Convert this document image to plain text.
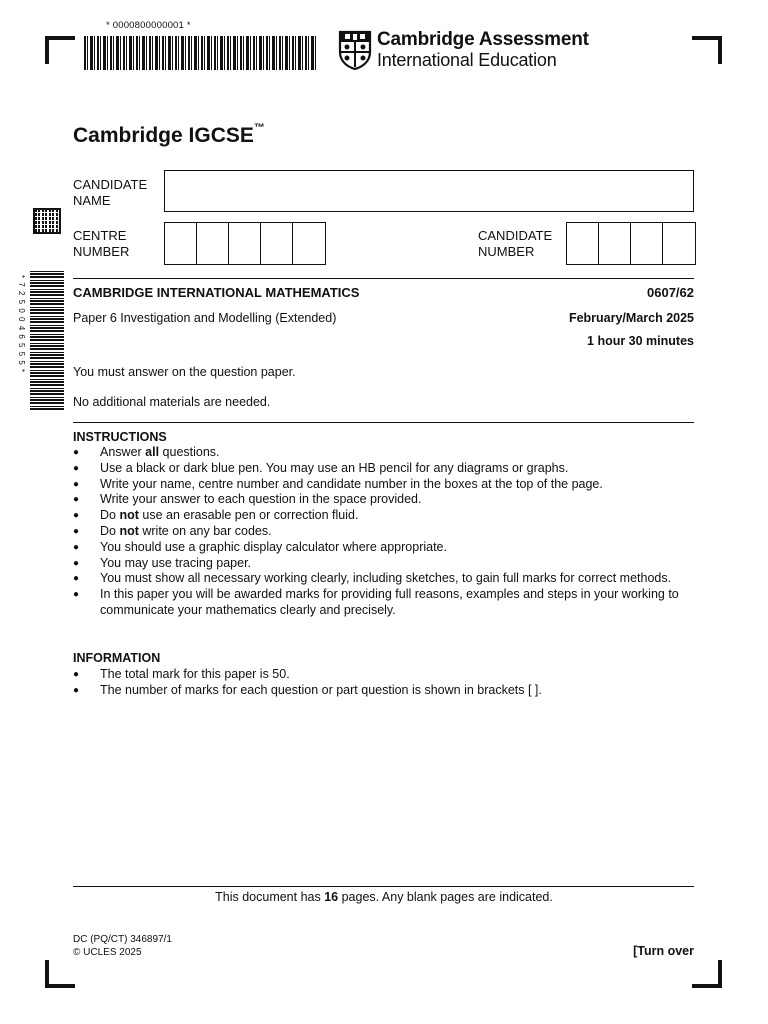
* 0000800000001 *
Cambridge Assessment
International Education
* 7 2 5 0 0 4 6 5 5 5 *
Cambridge IGCSE™
CANDIDATE
NAME
CENTRE
NUMBER
CANDIDATE
NUMBER
CAMBRIDGE INTERNATIONAL MATHEMATICS	0607/62
Paper 6 Investigation and Modelling (Extended)	February/March 2025
1 hour 30 minutes
You must answer on the question paper.
No additional materials are needed.
INSTRUCTIONS
● Answer all questions.
● Use a black or dark blue pen. You may use an HB pencil for any diagrams or graphs.
● Write your name, centre number and candidate number in the boxes at the top of the page.
● Write your answer to each question in the space provided.
● Do not use an erasable pen or correction fluid.
● Do not write on any bar codes.
● You should use a graphic display calculator where appropriate.
● You may use tracing paper.
● You must show all necessary working clearly, including sketches, to gain full marks for correct methods.
● In this paper you will be awarded marks for providing full reasons, examples and steps in your working to communicate your mathematics clearly and precisely.
INFORMATION
● The total mark for this paper is 50.
● The number of marks for each question or part question is shown in brackets [ ].
This document has 16 pages. Any blank pages are indicated.
DC (PQ/CT) 346897/1
© UCLES 2025	[Turn over
